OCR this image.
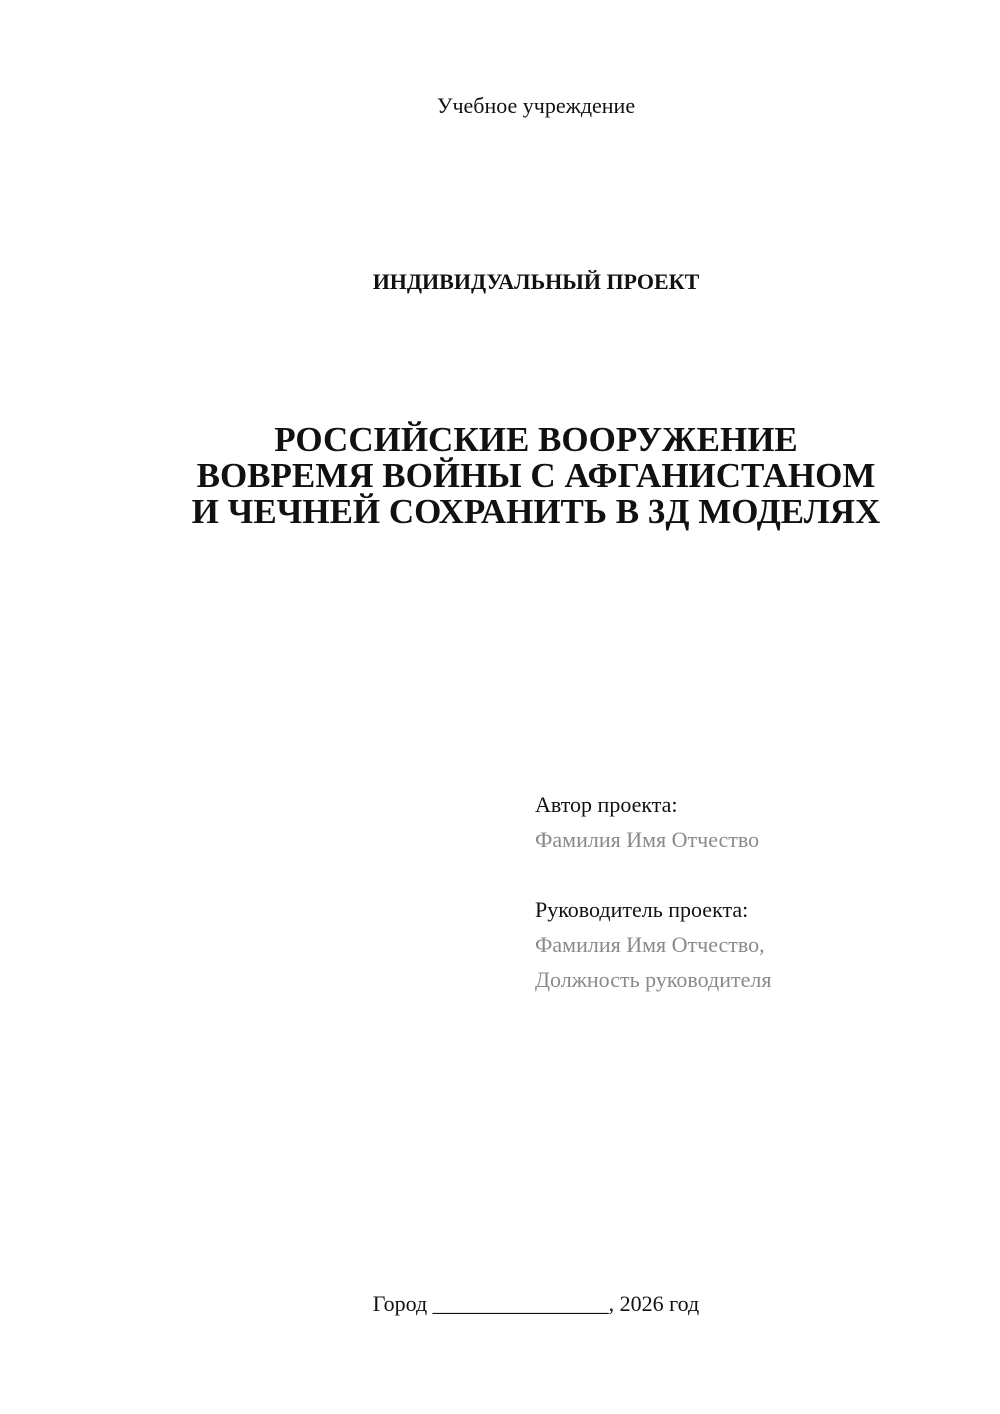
Учебное учреждение
ИНДИВИДУАЛЬНЫЙ ПРОЕКТ
РОССИЙСКИЕ ВООРУЖЕНИЕ
ВОВРЕМЯ ВОЙНЫ С АФГАНИСТАНОМ
И ЧЕЧНЕЙ СОХРАНИТЬ В 3Д МОДЕЛЯХ
Автор проекта:
Фамилия Имя Отчество
Руководитель проекта:
Фамилия Имя Отчество,
Должность руководителя
Город ________________, 2026 год
